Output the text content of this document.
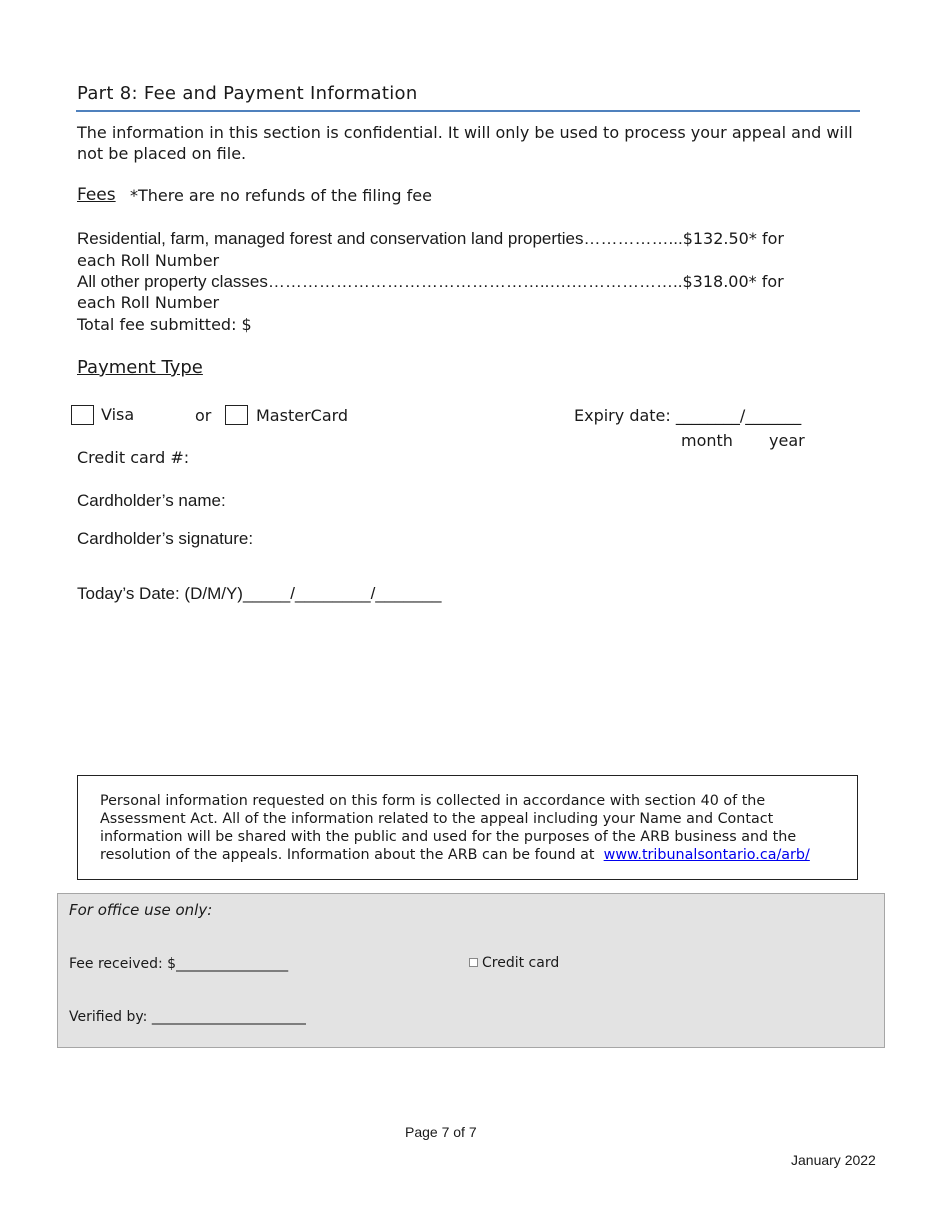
Part 8: Fee and Payment Information
The information in this section is confidential. It will only be used to process your appeal and will not be placed on file.
Fees *There are no refunds of the filing fee
Residential, farm, managed forest and conservation land properties……………...$132.50* for
each Roll Number
All other property classes…………………………………………..….………………..$318.00* for
each Roll Number
Total fee submitted: $
Payment Type
Visa	or	MasterCard	Expiry date: ________/_______
month year
Credit card #:
Cardholder’s name:
Cardholder’s signature:
Today’s Date: (D/M/Y)_____/________/_______
Personal information requested on this form is collected in accordance with section 40 of the Assessment Act. All of the information related to the appeal including your Name and Contact information will be shared with the public and used for the purposes of the ARB business and the resolution of the appeals. Information about the ARB can be found at www.tribunalsontario.ca/arb/
For office use only:
Fee received: $________________	Credit card
Verified by: ______________________
Page 7 of 7
January 2022
